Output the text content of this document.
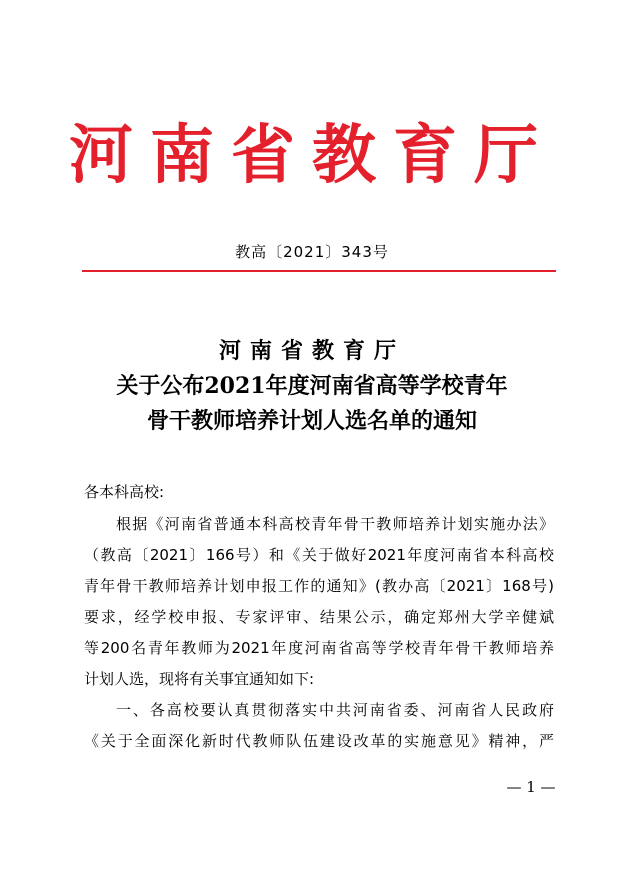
河南省教育厅
教高〔2021〕343号
河南省教育厅
关于公布2021年度河南省高等学校青年
骨干教师培养计划人选名单的通知
各本科高校:
根据《河南省普通本科高校青年骨干教师培养计划实施办法》
（教高〔2021〕166号）和《关于做好2021年度河南省本科高校
青年骨干教师培养计划申报工作的通知》(教办高〔2021〕168号)
要求，经学校申报、专家评审、结果公示，确定郑州大学辛健斌
等200名青年教师为2021年度河南省高等学校青年骨干教师培养
计划人选，现将有关事宜通知如下:
一、各高校要认真贯彻落实中共河南省委、河南省人民政府
《关于全面深化新时代教师队伍建设改革的实施意见》精神，严
— 1 —
